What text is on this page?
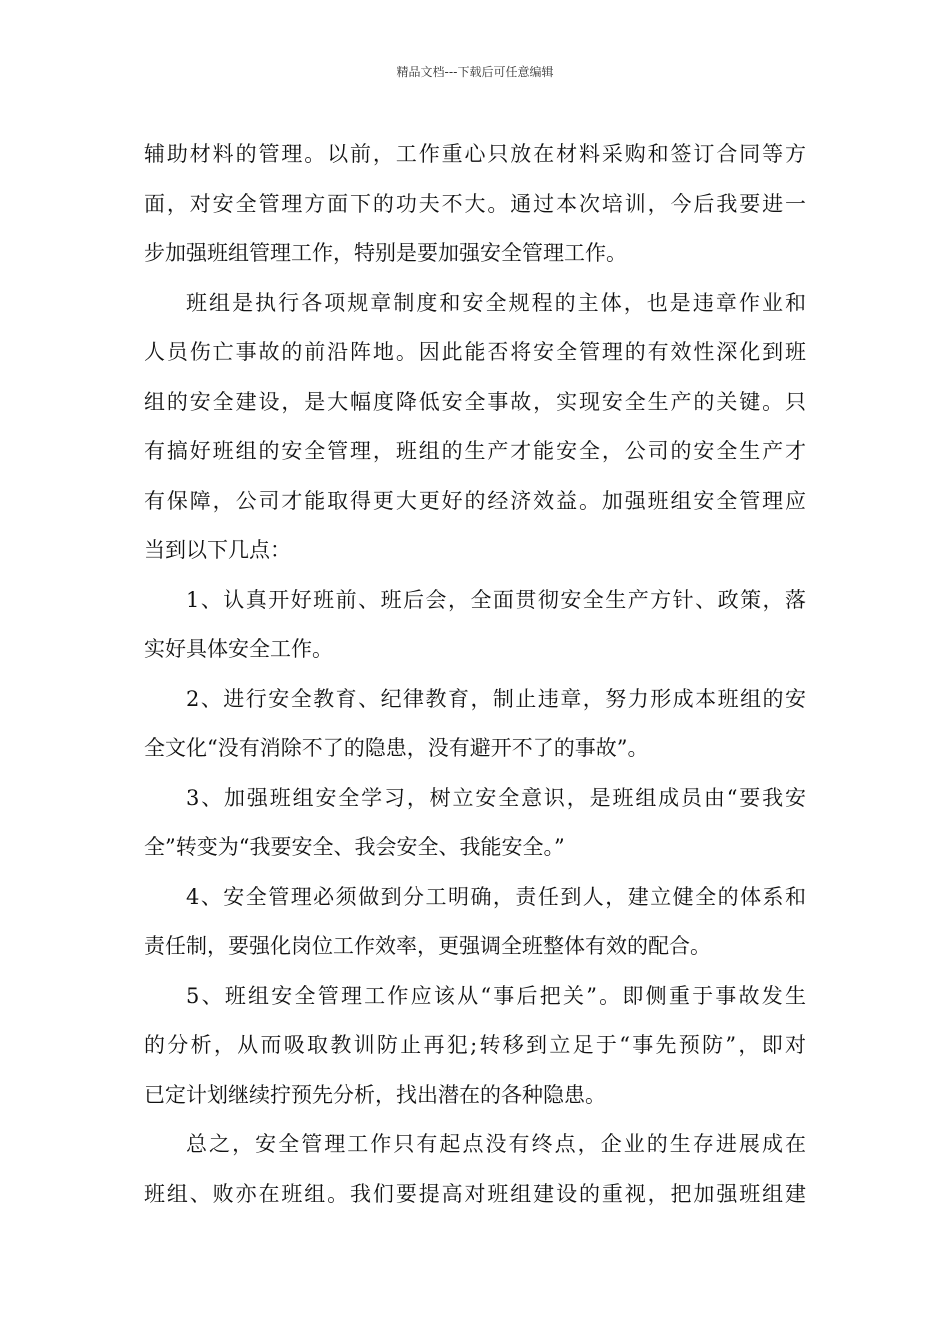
精品文档---下载后可任意编辑
辅助材料的管理。以前，工作重心只放在材料采购和签订合同等方
面，对安全管理方面下的功夫不大。通过本次培训，今后我要进一
步加强班组管理工作，特别是要加强安全管理工作。
班组是执行各项规章制度和安全规程的主体，也是违章作业和
人员伤亡事故的前沿阵地。因此能否将安全管理的有效性深化到班
组的安全建设，是大幅度降低安全事故，实现安全生产的关键。只
有搞好班组的安全管理，班组的生产才能安全，公司的安全生产才
有保障，公司才能取得更大更好的经济效益。加强班组安全管理应
当到以下几点：
1、认真开好班前、班后会，全面贯彻安全生产方针、政策，落
实好具体安全工作。
2、进行安全教育、纪律教育，制止违章，努力形成本班组的安
全文化“没有消除不了的隐患，没有避开不了的事故”。
3、加强班组安全学习，树立安全意识，是班组成员由“要我安
全”转变为“我要安全、我会安全、我能安全。”
4、安全管理必须做到分工明确，责任到人，建立健全的体系和
责任制，要强化岗位工作效率，更强调全班整体有效的配合。
5、班组安全管理工作应该从“事后把关”。即侧重于事故发生
的分析，从而吸取教训防止再犯;转移到立足于“事先预防”，即对
已定计划继续拧预先分析，找出潜在的各种隐患。
总之，安全管理工作只有起点没有终点，企业的生存进展成在
班组、败亦在班组。我们要提高对班组建设的重视，把加强班组建
